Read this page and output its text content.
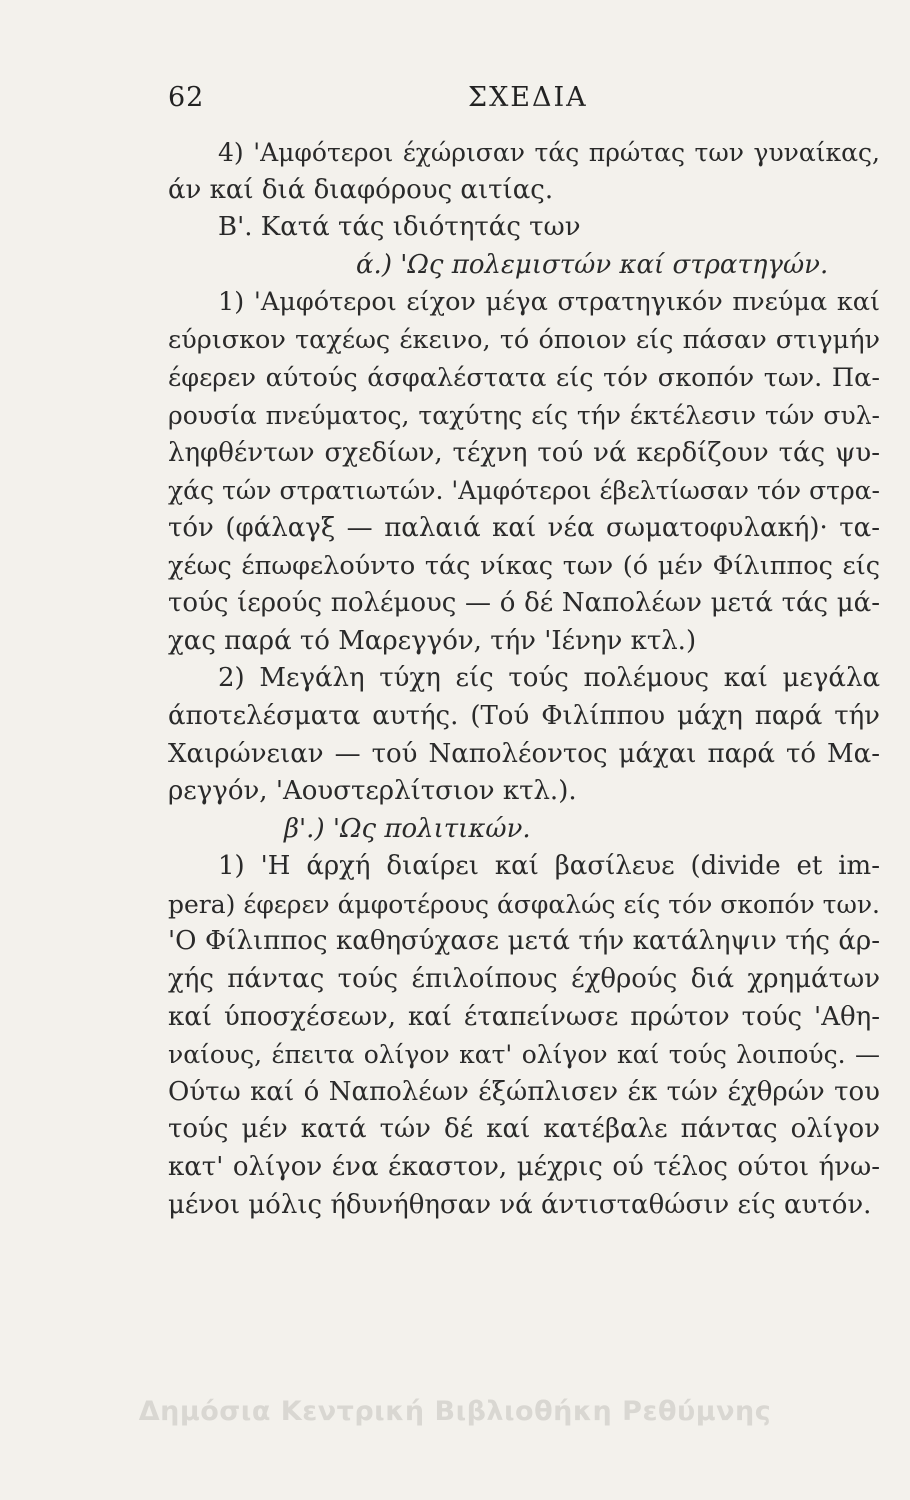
62	ΣΧΕΔΙΑ
4) 'Αμφότεροι έχώρισαν τάς πρώτας των γυναίκας,
άν καί διά διαφόρους αιτίας.
Β'. Κατά τάς ιδιότητάς των
ά.) 'Ως πολεμιστών καί στρατηγών.
1) 'Αμφότεροι είχον μέγα στρατηγικόν πνεύμα καί
εύρισκον ταχέως έκεινο, τό όποιον είς πάσαν στιγμήν
έφερεν αύτούς άσφαλέστατα είς τόν σκοπόν των. Πα-
ρουσία πνεύματος, ταχύτης είς τήν έκτέλεσιν τών συλ-
ληφθέντων σχεδίων, τέχνη τού νά κερδίζουν τάς ψυ-
χάς τών στρατιωτών. 'Αμφότεροι έβελτίωσαν τόν στρα-
τόν (φάλαγξ — παλαιά καί νέα σωματοφυλακή)· τα-
χέως έπωφελούντο τάς νίκας των (ό μέν Φίλιππος είς
τούς ίερούς πολέμους — ό δέ Ναπολέων μετά τάς μά-
χας παρά τό Μαρεγγόν, τήν 'Ιένην κτλ.)
2) Μεγάλη τύχη είς τούς πολέμους καί μεγάλα
άποτελέσματα αυτής. (Τού Φιλίππου μάχη παρά τήν
Χαιρώνειαν — τού Ναπολέοντος μάχαι παρά τό Μα-
ρεγγόν, 'Αουστερλίτσιον κτλ.).
β'.) 'Ως πολιτικών.
1) 'Η άρχή διαίρει καί βασίλευε (divide et im-
pera) έφερεν άμφοτέρους άσφαλώς είς τόν σκοπόν των.
'Ο Φίλιππος καθησύχασε μετά τήν κατάληψιν τής άρ-
χής πάντας τούς έπιλοίπους έχθρούς διά χρημάτων
καί ύποσχέσεων, καί έταπείνωσε πρώτον τούς 'Αθη-
ναίους, έπειτα ολίγον κατ' ολίγον καί τούς λοιπούς. —
Ούτω καί ό Ναπολέων έξώπλισεν έκ τών έχθρών του
τούς μέν κατά τών δέ καί κατέβαλε πάντας ολίγον
κατ' ολίγον ένα έκαστον, μέχρις ού τέλος ούτοι ήνω-
μένοι μόλις ήδυνήθησαν νά άντισταθώσιν είς αυτόν.
Δημόσια Κεντρική Βιβλιοθήκη Ρεθύμνης
